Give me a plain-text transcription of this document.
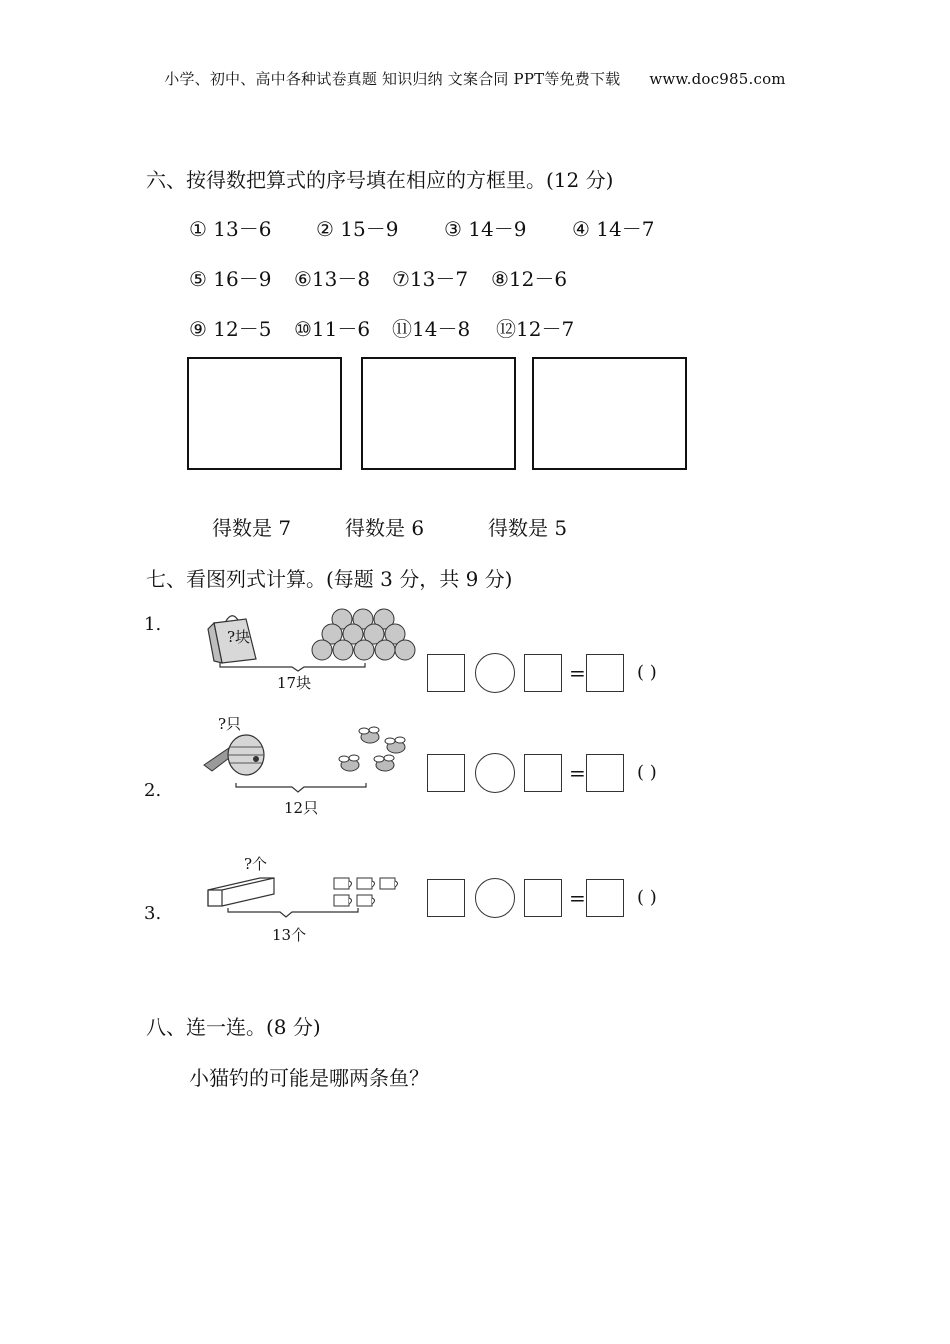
小学、初中、高中各种试卷真题 知识归纳 文案合同 PPT等免费下载 www.doc985.com
六、按得数把算式的序号填在相应的方框里。(12 分)
① 13－6 ② 15－9 ③ 14－9 ④ 14－7
⑤ 16－9 ⑥13－8 ⑦13－7 ⑧12－6
⑨ 12－5 ⑩11－6 ⑪14－8 ⑫12－7
得数是 7	得数是 6	得数是 5
七、看图列式计算。(每题 3 分，共 9 分)
1.
?块
17块	=	( )
?只
2.
12只
=	( )
?个
3.
13个
=	( )
八、连一连。(8 分)
小猫钓的可能是哪两条鱼？
